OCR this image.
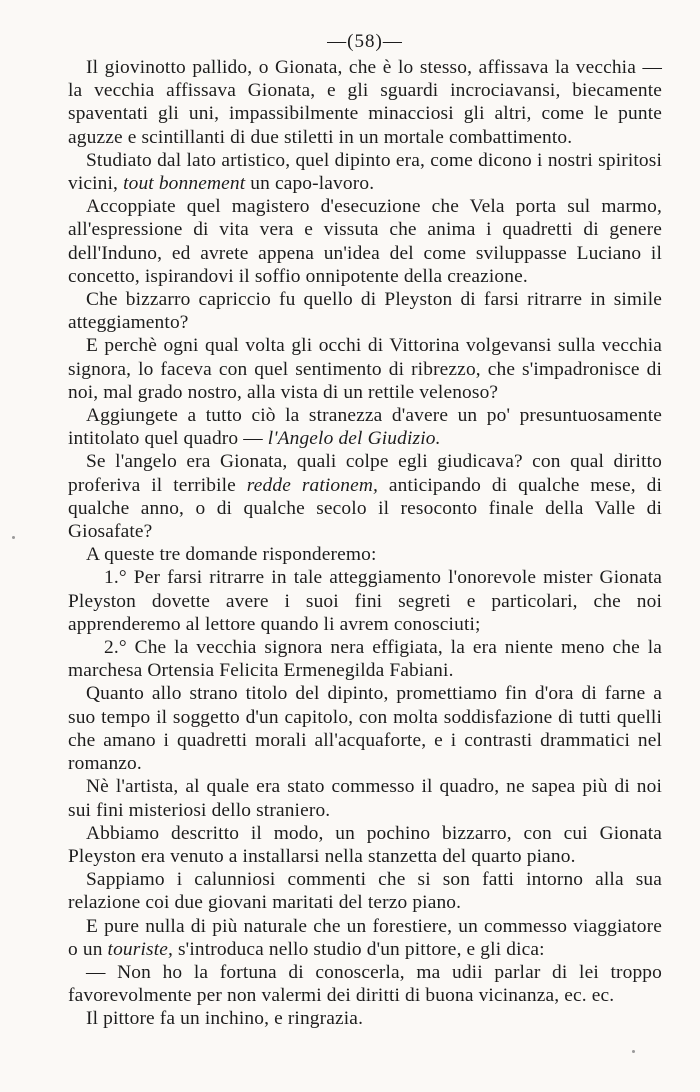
—(58)—

Il giovinotto pallido, o Gionata, che è lo stesso, affissava la vecchia — la vecchia affissava Gionata, e gli sguardi incrociavansi, biecamente spaventati gli uni, impassibilmente minacciosi gli altri, come le punte aguzze e scintillanti di due stiletti in un mortale combattimento.

Studiato dal lato artistico, quel dipinto era, come dicono i nostri spiritosi vicini, tout bonnement un capo-lavoro.

Accoppiate quel magistero d'esecuzione che Vela porta sul marmo, all'espressione di vita vera e vissuta che anima i quadretti di genere dell'Induno, ed avrete appena un'idea del come sviluppasse Luciano il concetto, ispirandovi il soffio onnipotente della creazione.

Che bizzarro capriccio fu quello di Pleyston di farsi ritrarre in simile atteggiamento?

E perchè ogni qual volta gli occhi di Vittorina volgevansi sulla vecchia signora, lo faceva con quel sentimento di ribrezzo, che s'impadronisce di noi, mal grado nostro, alla vista di un rettile velenoso?

Aggiungete a tutto ciò la stranezza d'avere un po' presuntuosamente intitolato quel quadro — l'Angelo del Giudizio.

Se l'angelo era Gionata, quali colpe egli giudicava? con qual diritto proferiva il terribile redde rationem, anticipando di qualche mese, di qualche anno, o di qualche secolo il resoconto finale della Valle di Giosafate?

A queste tre domande risponderemo:

1.° Per farsi ritrarre in tale atteggiamento l'onorevole mister Gionata Pleyston dovette avere i suoi fini segreti e particolari, che noi apprenderemo al lettore quando li avrem conosciuti;

2.° Che la vecchia signora nera effigiata, la era niente meno che la marchesa Ortensia Felicita Ermenegilda Fabiani.

Quanto allo strano titolo del dipinto, promettiamo fin d'ora di farne a suo tempo il soggetto d'un capitolo, con molta soddisfazione di tutti quelli che amano i quadretti morali all'acquaforte, e i contrasti drammatici nel romanzo.

Nè l'artista, al quale era stato commesso il quadro, ne sapea più di noi sui fini misteriosi dello straniero.

Abbiamo descritto il modo, un pochino bizzarro, con cui Gionata Pleyston era venuto a installarsi nella stanzetta del quarto piano.

Sappiamo i calunniosi commenti che si son fatti intorno alla sua relazione coi due giovani maritati del terzo piano.

E pure nulla di più naturale che un forestiere, un commesso viaggiatore o un touriste, s'introduca nello studio d'un pittore, e gli dica:

— Non ho la fortuna di conoscerla, ma udii parlar di lei troppo favorevolmente per non valermi dei diritti di buona vicinanza, ec. ec.

Il pittore fa un inchino, e ringrazia.
